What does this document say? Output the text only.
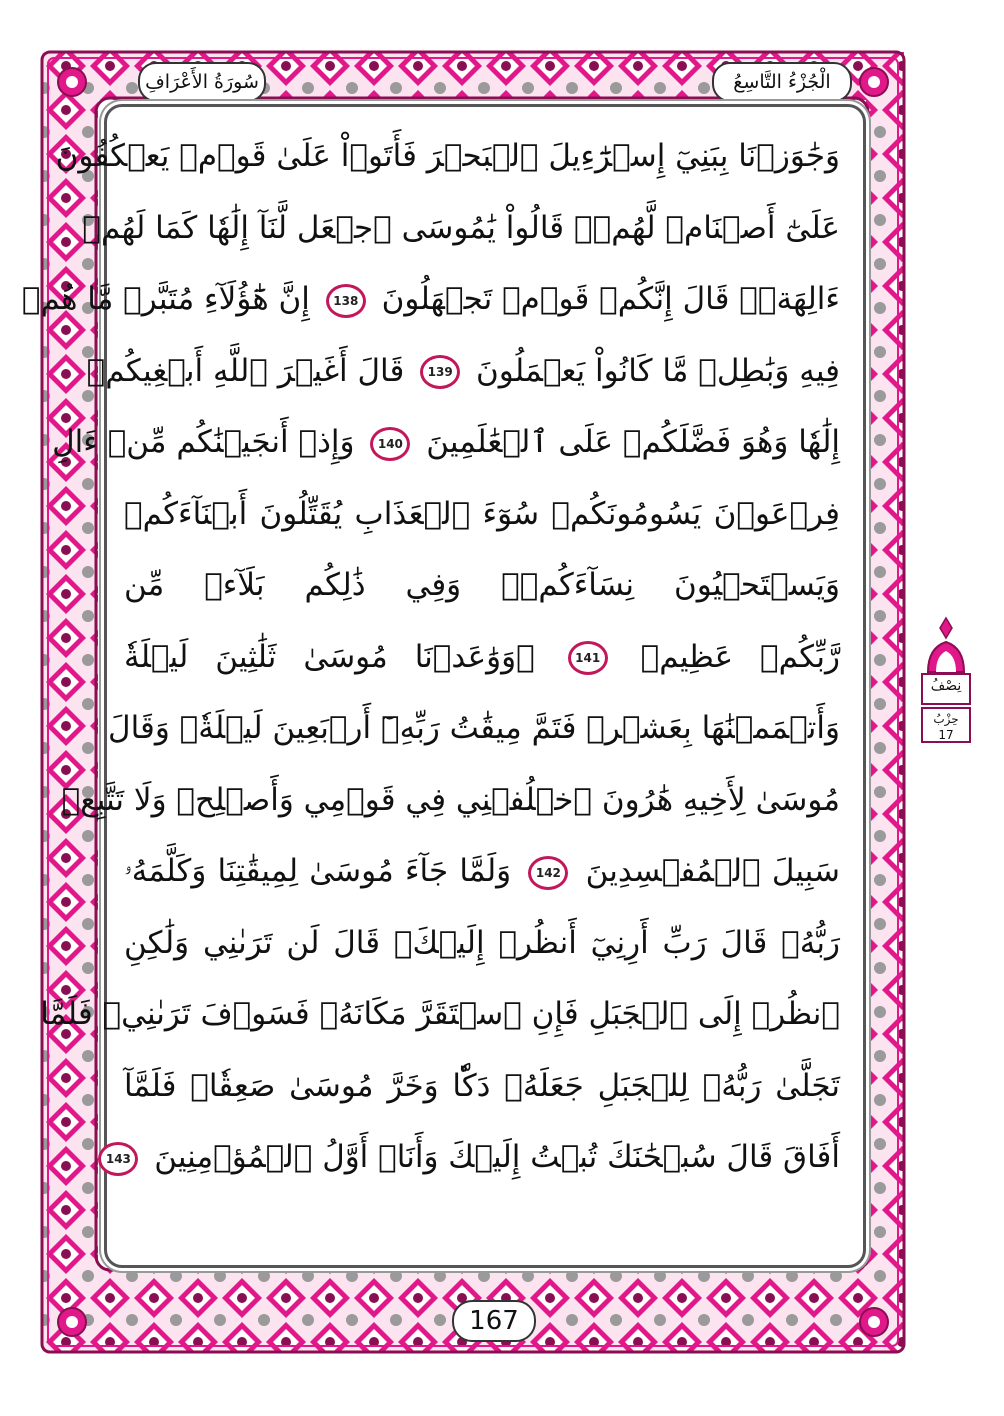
الْجُزْءُ التَّاسِعُ
سُورَةُ الأَعْرَافِ
وَجَٰوَزۡنَا بِبَنِيٓ إِسۡرَٰٓءِيلَ ٱلۡبَحۡرَ فَأَتَوۡاْ عَلَىٰ قَوۡمٖ يَعۡكُفُونَ
عَلَىٰٓ أَصۡنَامٖ لَّهُمۡۚ قَالُواْ يَٰمُوسَى ٱجۡعَل لَّنَآ إِلَٰهٗا كَمَا لَهُمۡ
ءَالِهَةٞۚ قَالَ إِنَّكُمۡ قَوۡمٞ تَجۡهَلُونَ 138 إِنَّ هَٰٓؤُلَآءِ مُتَبَّرٞ مَّا هُمۡ
فِيهِ وَبَٰطِلٞ مَّا كَانُواْ يَعۡمَلُونَ 139 قَالَ أَغَيۡرَ ٱللَّهِ أَبۡغِيكُمۡ
إِلَٰهٗا وَهُوَ فَضَّلَكُمۡ عَلَى ٱلۡعَٰلَمِينَ 140 وَإِذۡ أَنجَيۡنَٰكُم مِّنۡ ءَالِ
فِرۡعَوۡنَ يَسُومُونَكُمۡ سُوٓءَ ٱلۡعَذَابِ يُقَتِّلُونَ أَبۡنَآءَكُمۡ
وَيَسۡتَحۡيُونَ نِسَآءَكُمۡۚ وَفِي ذَٰلِكُم بَلَآءٞ مِّن
رَّبِّكُمۡ عَظِيمٞ 141 ۞وَوَٰعَدۡنَا مُوسَىٰ ثَلَٰثِينَ لَيۡلَةٗ
وَأَتۡمَمۡنَٰهَا بِعَشۡرٖ فَتَمَّ مِيقَٰتُ رَبِّهِۦٓ أَرۡبَعِينَ لَيۡلَةٗۚ وَقَالَ
مُوسَىٰ لِأَخِيهِ هَٰرُونَ ٱخۡلُفۡنِي فِي قَوۡمِي وَأَصۡلِحۡ وَلَا تَتَّبِعۡ
سَبِيلَ ٱلۡمُفۡسِدِينَ 142 وَلَمَّا جَآءَ مُوسَىٰ لِمِيقَٰتِنَا وَكَلَّمَهُۥ
رَبُّهُۥ قَالَ رَبِّ أَرِنِيٓ أَنظُرۡ إِلَيۡكَۚ قَالَ لَن تَرَىٰنِي وَلَٰكِنِ
ٱنظُرۡ إِلَى ٱلۡجَبَلِ فَإِنِ ٱسۡتَقَرَّ مَكَانَهُۥ فَسَوۡفَ تَرَىٰنِيۚ فَلَمَّا
تَجَلَّىٰ رَبُّهُۥ لِلۡجَبَلِ جَعَلَهُۥ دَكّٗا وَخَرَّ مُوسَىٰ صَعِقٗاۚ فَلَمَّآ
أَفَاقَ قَالَ سُبۡحَٰنَكَ تُبۡتُ إِلَيۡكَ وَأَنَا۠ أَوَّلُ ٱلۡمُؤۡمِنِينَ 143
نِصْفُ
حِزْبُ
17
167
